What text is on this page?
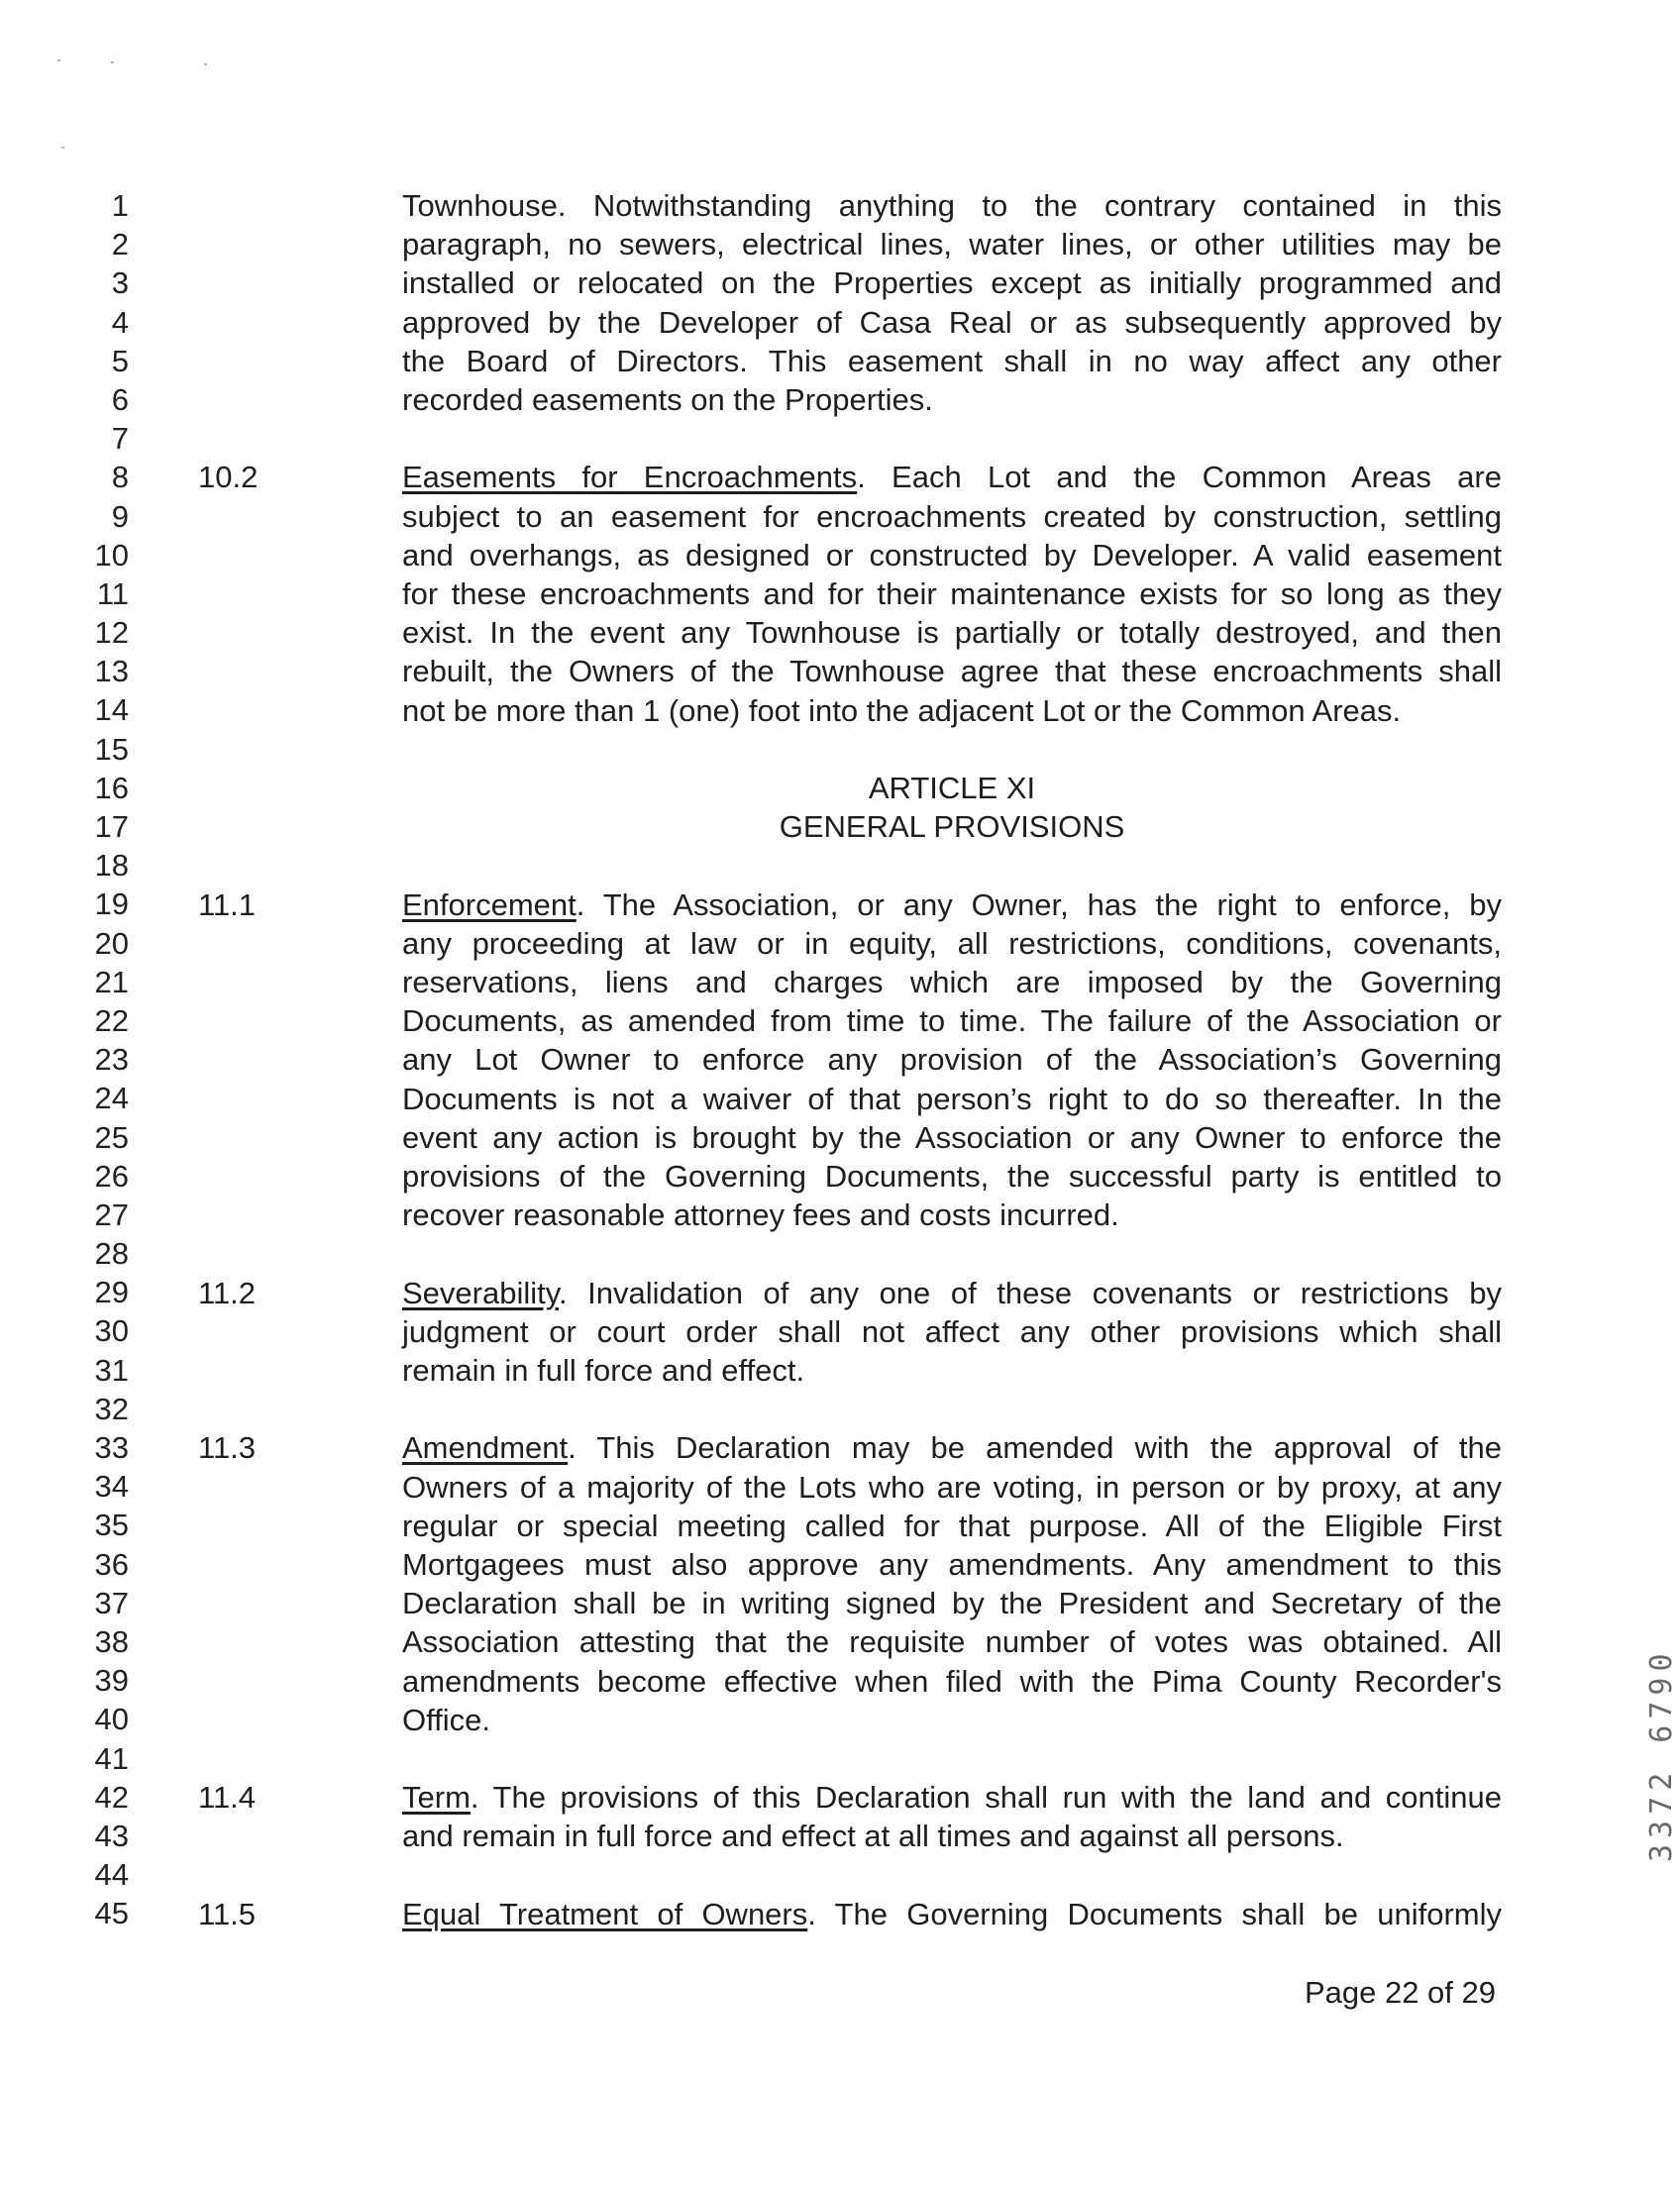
1
2
3
4
5
6
7
8
9
10
11
12
13
14
15
16
17
18
19
20
21
22
23
24
25
26
27
28
29
30
31
32
33
34
35
36
37
38
39
40
41
42
43
44
45
Townhouse. Notwithstanding anything to the contrary contained in this
paragraph, no sewers, electrical lines, water lines, or other utilities may be
installed or relocated on the Properties except as initially programmed and
approved by the Developer of Casa Real or as subsequently approved by
the Board of Directors. This easement shall in no way affect any other
recorded easements on the Properties.
10.2	Easements for Encroachments. Each Lot and the Common Areas are
subject to an easement for encroachments created by construction, settling
and overhangs, as designed or constructed by Developer. A valid easement
for these encroachments and for their maintenance exists for so long as they
exist. In the event any Townhouse is partially or totally destroyed, and then
rebuilt, the Owners of the Townhouse agree that these encroachments shall
not be more than 1 (one) foot into the adjacent Lot or the Common Areas.
ARTICLE XI
GENERAL PROVISIONS
11.1	Enforcement. The Association, or any Owner, has the right to enforce, by
any proceeding at law or in equity, all restrictions, conditions, covenants,
reservations, liens and charges which are imposed by the Governing
Documents, as amended from time to time. The failure of the Association or
any Lot Owner to enforce any provision of the Association’s Governing
Documents is not a waiver of that person’s right to do so thereafter. In the
event any action is brought by the Association or any Owner to enforce the
provisions of the Governing Documents, the successful party is entitled to
recover reasonable attorney fees and costs incurred.
11.2	Severability. Invalidation of any one of these covenants or restrictions by
judgment or court order shall not affect any other provisions which shall
remain in full force and effect.
11.3	Amendment. This Declaration may be amended with the approval of the
Owners of a majority of the Lots who are voting, in person or by proxy, at any
regular or special meeting called for that purpose. All of the Eligible First
Mortgagees must also approve any amendments. Any amendment to this
Declaration shall be in writing signed by the President and Secretary of the
Association attesting that the requisite number of votes was obtained. All
amendments become effective when filed with the Pima County Recorder's
Office.
11.4	Term. The provisions of this Declaration shall run with the land and continue
and remain in full force and effect at all times and against all persons.
11.5	Equal Treatment of Owners. The Governing Documents shall be uniformly
Page 22 of 29
3372 6790
